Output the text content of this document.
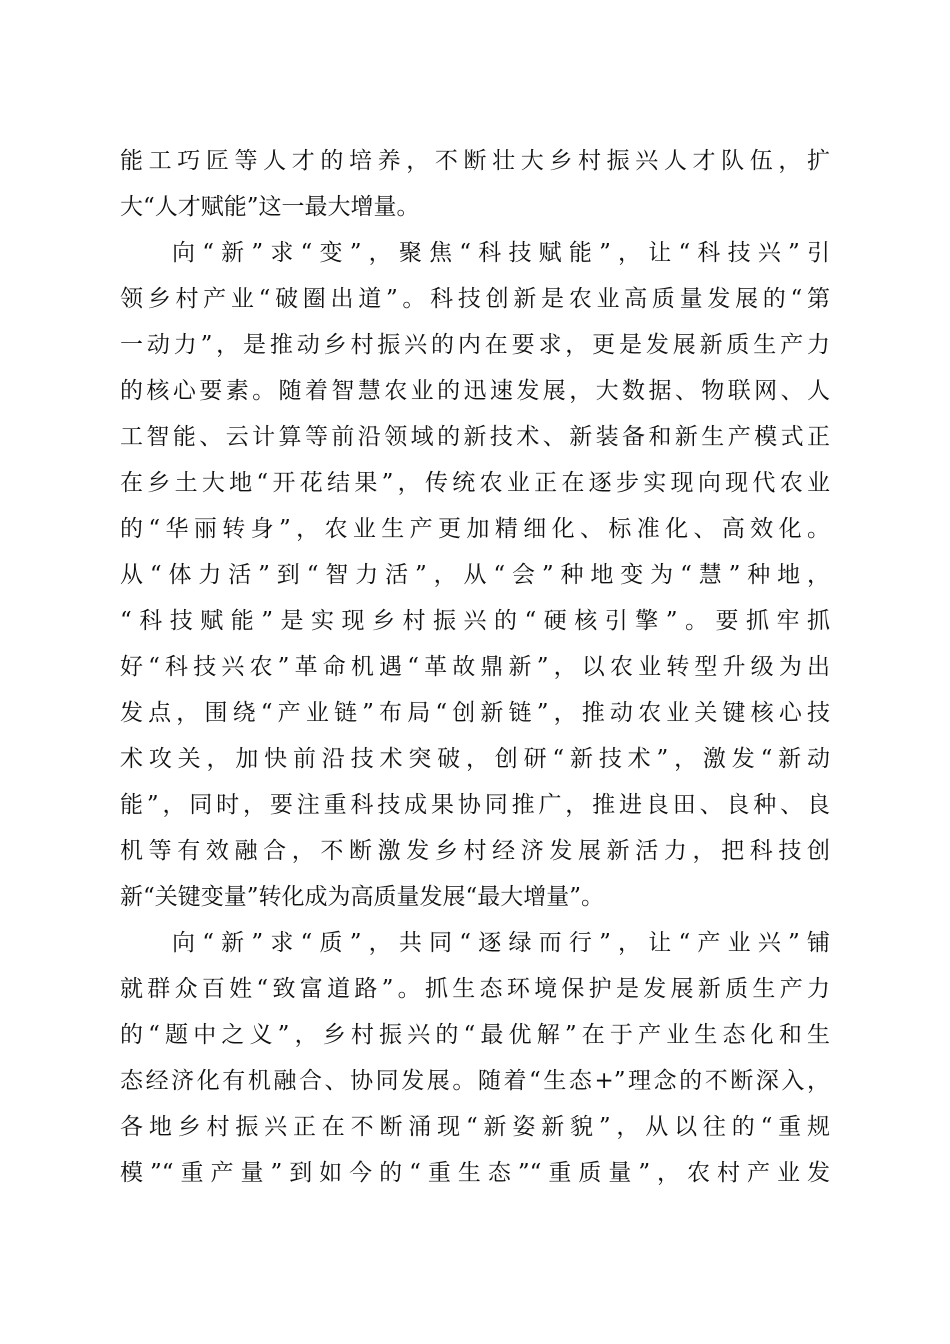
能工巧匠等人才的培养，不断壮大乡村振兴人才队伍，扩
大“人才赋能”这一最大增量。
向“新”求“变”，聚焦“科技赋能”，让“科技兴”引
领乡村产业“破圈出道”。科技创新是农业高质量发展的“第
一动力”，是推动乡村振兴的内在要求，更是发展新质生产力
的核心要素。随着智慧农业的迅速发展，大数据、物联网、人
工智能、云计算等前沿领域的新技术、新装备和新生产模式正
在乡土大地“开花结果”，传统农业正在逐步实现向现代农业
的“华丽转身”，农业生产更加精细化、标准化、高效化。
从“体力活”到“智力活”，从“会”种地变为“慧”种地，
“科技赋能”是实现乡村振兴的“硬核引擎”。要抓牢抓
好“科技兴农”革命机遇“革故鼎新”，以农业转型升级为出
发点，围绕“产业链”布局“创新链”，推动农业关键核心技
术攻关，加快前沿技术突破，创研“新技术”，激发“新动
能”，同时，要注重科技成果协同推广，推进良田、良种、良
机等有效融合，不断激发乡村经济发展新活力，把科技创
新“关键变量”转化成为高质量发展“最大增量”。
向“新”求“质”，共同“逐绿而行”，让“产业兴”铺
就群众百姓“致富道路”。抓生态环境保护是发展新质生产力
的“题中之义”，乡村振兴的“最优解”在于产业生态化和生
态经济化有机融合、协同发展。随着“生态+”理念的不断深入，
各地乡村振兴正在不断涌现“新姿新貌”，从以往的“重规
模”“重产量”到如今的“重生态”“重质量”，农村产业发
